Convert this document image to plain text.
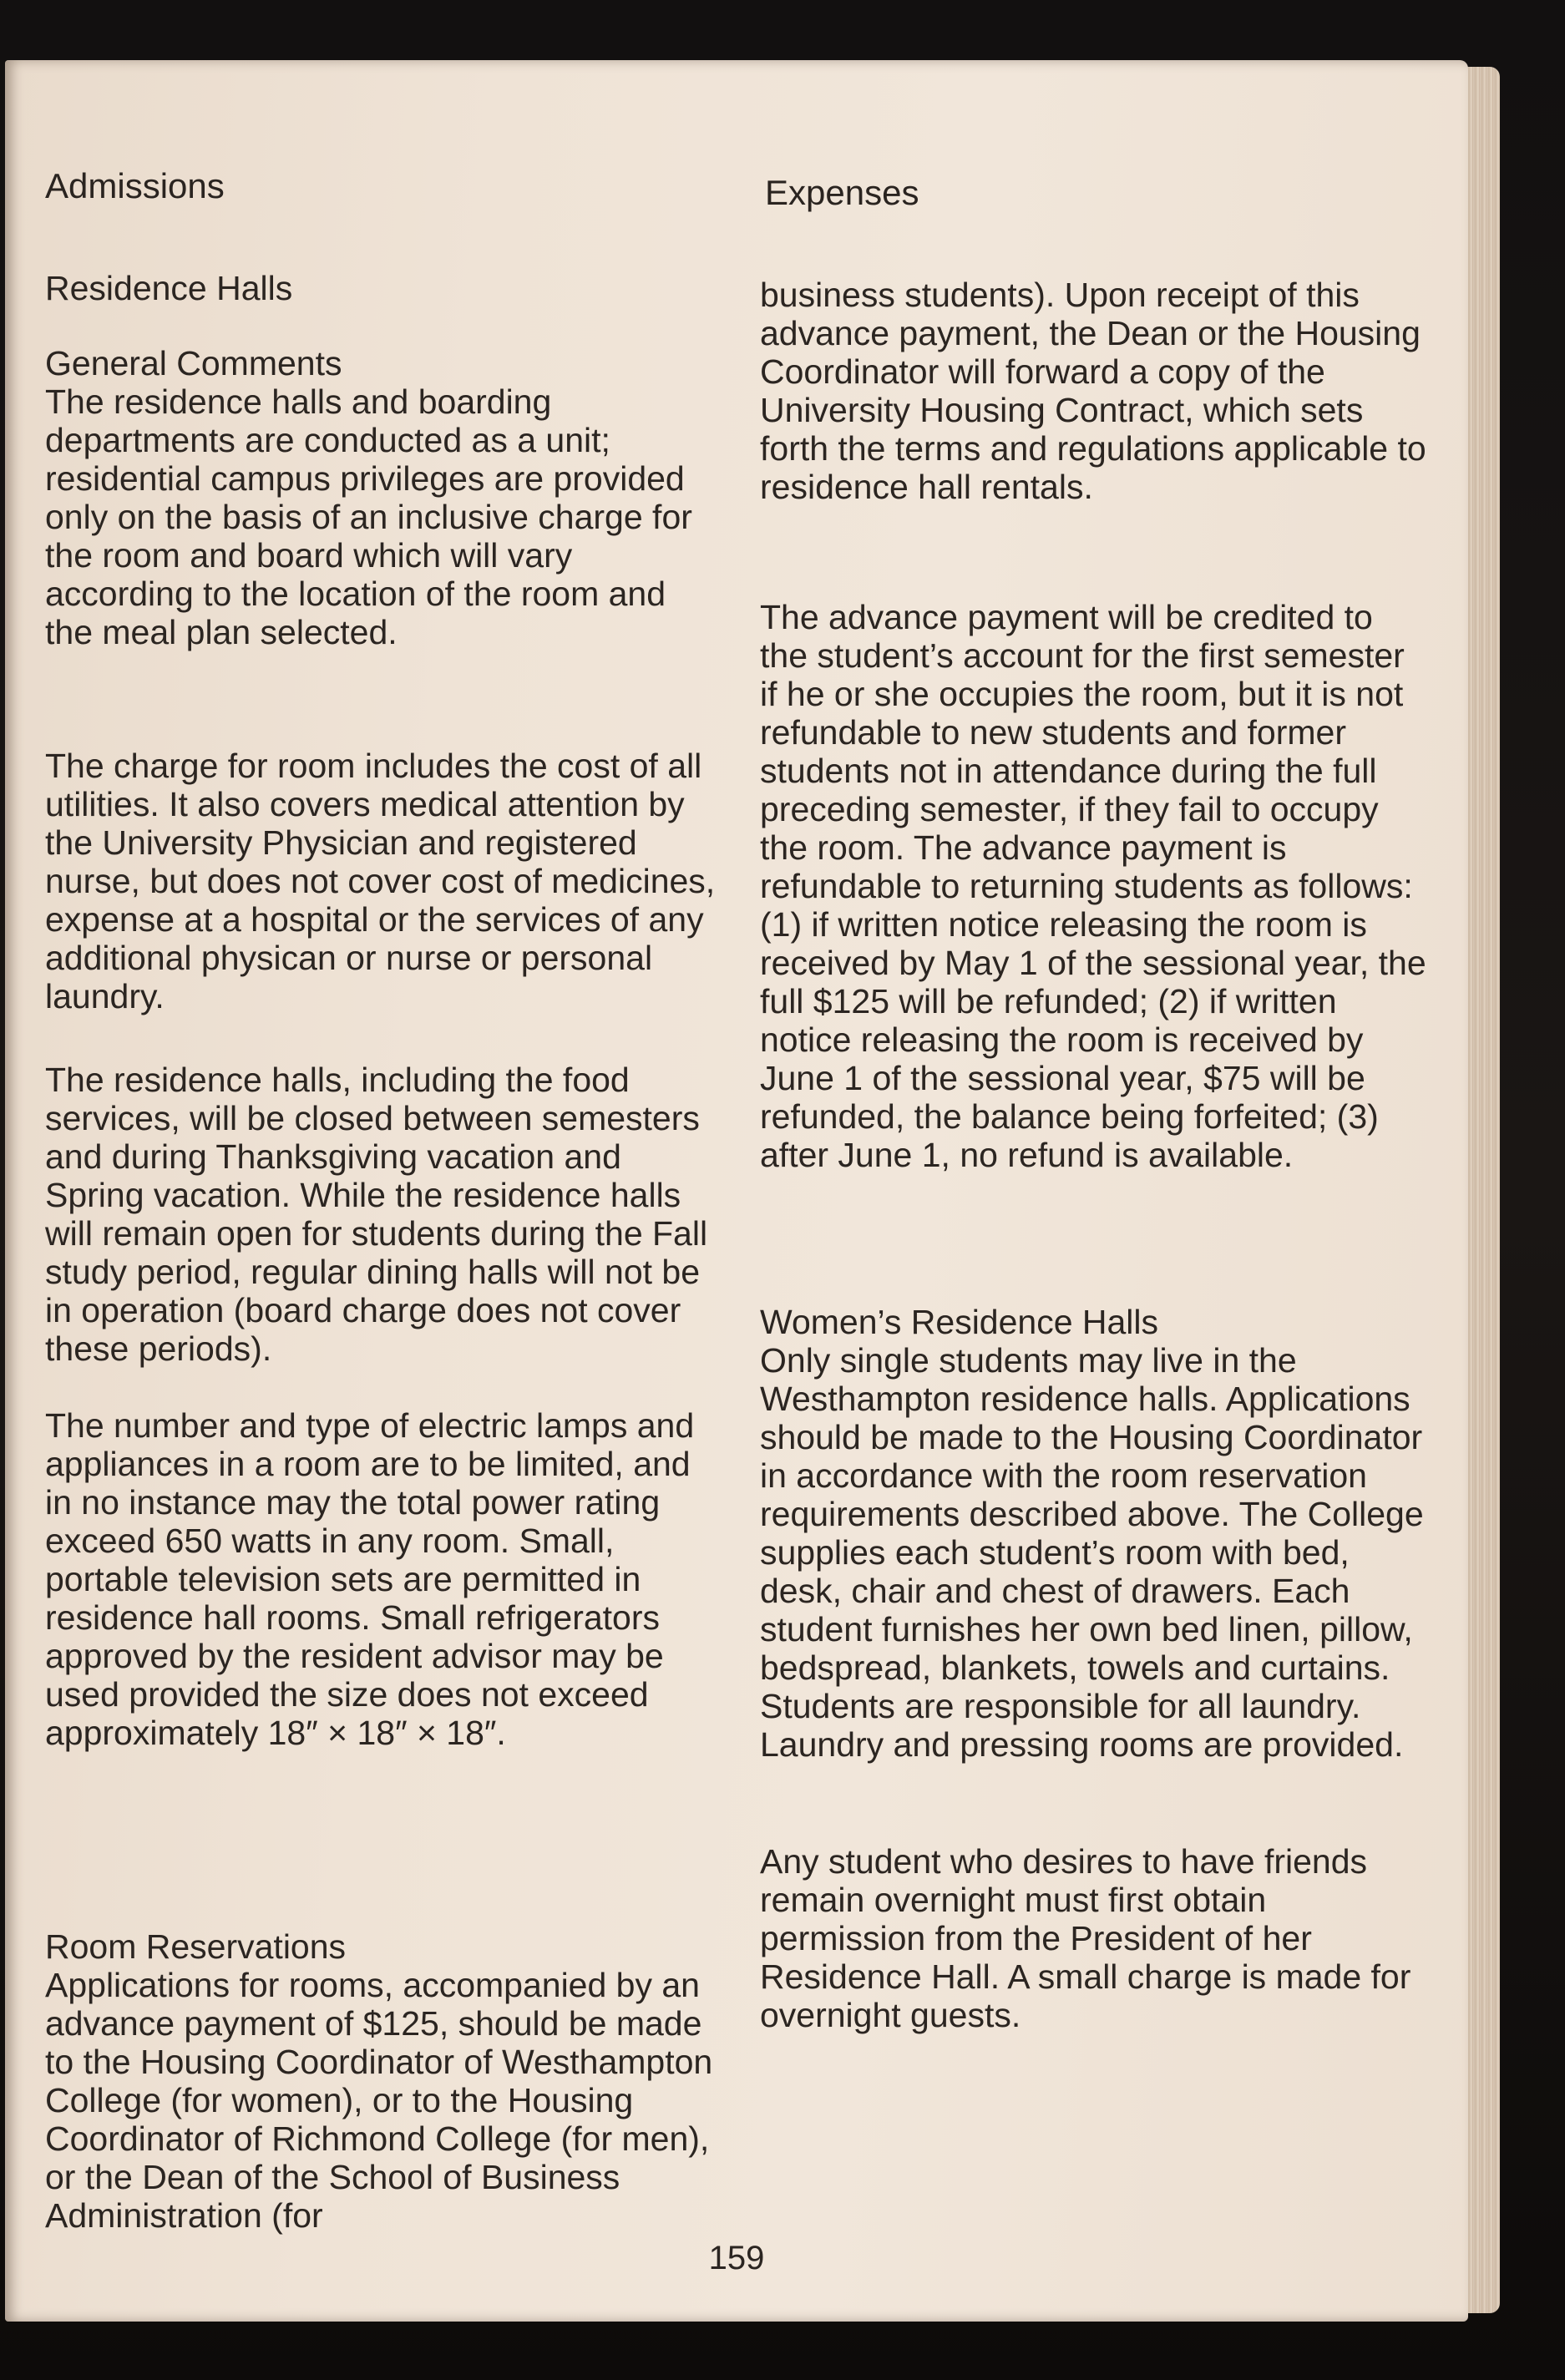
Admissions	Expenses
Residence Halls
General Comments

The residence halls and boarding departments are conducted as a unit; residential campus privileges are provided only on the basis of an inclusive charge for the room and board which will vary according to the location of the room and the meal plan selected.

The charge for room includes the cost of all utilities. It also covers medical attention by the University Physician and registered nurse, but does not cover cost of medicines, expense at a hospital or the services of any additional physican or nurse or personal laundry.

The residence halls, including the food services, will be closed between semesters and during Thanksgiving vacation and Spring vacation. While the residence halls will remain open for students during the Fall study period, regular dining halls will not be in operation (board charge does not cover these periods).

The number and type of electric lamps and appliances in a room are to be limited, and in no instance may the total power rating exceed 650 watts in any room. Small, portable television sets are permitted in residence hall rooms. Small refrigerators approved by the resident advisor may be used provided the size does not exceed approximately 18″ × 18″ × 18″.

Room Reservations

Applications for rooms, accompanied by an advance payment of $125, should be made to the Housing Coordinator of Westhampton College (for women), or to the Housing Coordinator of Richmond College (for men), or the Dean of the School of Business Administration (for

business students). Upon receipt of this advance payment, the Dean or the Housing Coordinator will forward a copy of the University Housing Contract, which sets forth the terms and regulations applicable to residence hall rentals.

The advance payment will be credited to the student’s account for the first semester if he or she occupies the room, but it is not refundable to new students and former students not in attendance during the full preceding semester, if they fail to occupy the room. The advance payment is refundable to returning students as follows: (1) if written notice releasing the room is received by May 1 of the sessional year, the full $125 will be refunded; (2) if written notice releasing the room is received by June 1 of the sessional year, $75 will be refunded, the balance being forfeited; (3) after June 1, no refund is available.

Women’s Residence Halls

Only single students may live in the Westhampton residence halls. Applications should be made to the Housing Coordinator in accordance with the room reservation requirements described above. The College supplies each student’s room with bed, desk, chair and chest of drawers. Each student furnishes her own bed linen, pillow, bedspread, blankets, towels and curtains. Students are responsible for all laundry. Laundry and pressing rooms are provided.

Any student who desires to have friends remain overnight must first obtain permission from the President of her Residence Hall. A small charge is made for overnight guests.

159
